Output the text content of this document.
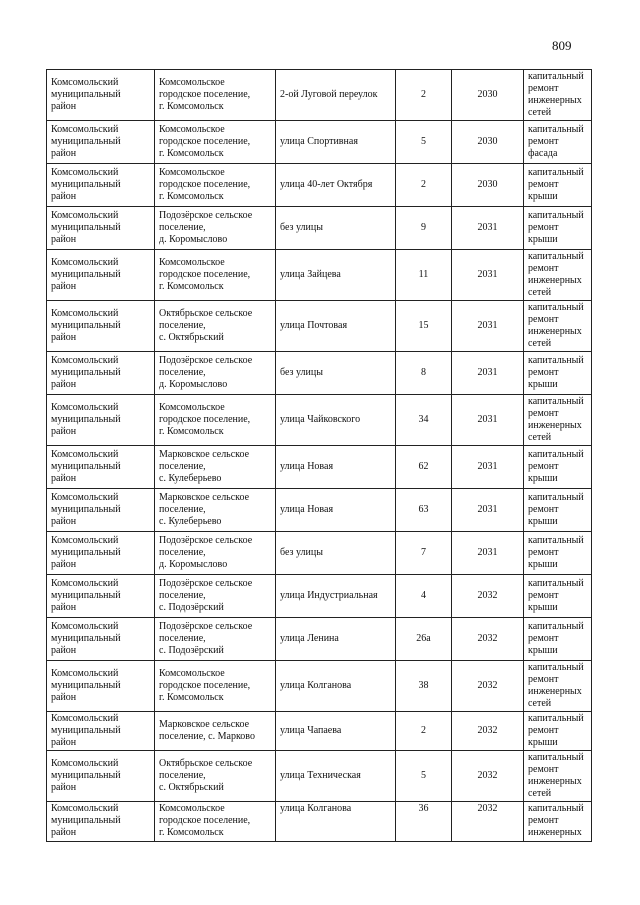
809
Комсомольский
муниципальный
район	Комсомольское
городское поселение,
г. Комсомольск	2-ой Луговой переулок	2	2030	капитальный
ремонт
инженерных
сетей
Комсомольский
муниципальный
район	Комсомольское
городское поселение,
г. Комсомольск	улица Спортивная	5	2030	капитальный
ремонт фасада
Комсомольский
муниципальный
район	Комсомольское
городское поселение,
г. Комсомольск	улица 40-лет Октября	2	2030	капитальный
ремонт крыши
Комсомольский
муниципальный
район	Подозёрское сельское
поселение,
д. Коромыслово	без улицы	9	2031	капитальный
ремонт крыши
Комсомольский
муниципальный
район	Комсомольское
городское поселение,
г. Комсомольск	улица Зайцева	11	2031	капитальный
ремонт
инженерных
сетей
Комсомольский
муниципальный
район	Октябрьское сельское
поселение,
с. Октябрьский	улица Почтовая	15	2031	капитальный
ремонт
инженерных
сетей
Комсомольский
муниципальный
район	Подозёрское сельское
поселение,
д. Коромыслово	без улицы	8	2031	капитальный
ремонт крыши
Комсомольский
муниципальный
район	Комсомольское
городское поселение,
г. Комсомольск	улица Чайковского	34	2031	капитальный
ремонт
инженерных
сетей
Комсомольский
муниципальный
район	Марковское сельское
поселение,
с. Кулеберьево	улица Новая	62	2031	капитальный
ремонт крыши
Комсомольский
муниципальный
район	Марковское сельское
поселение,
с. Кулеберьево	улица Новая	63	2031	капитальный
ремонт крыши
Комсомольский
муниципальный
район	Подозёрское сельское
поселение,
д. Коромыслово	без улицы	7	2031	капитальный
ремонт крыши
Комсомольский
муниципальный
район	Подозёрское сельское
поселение,
с. Подозёрский	улица Индустриальная	4	2032	капитальный
ремонт крыши
Комсомольский
муниципальный
район	Подозёрское сельское
поселение,
с. Подозёрский	улица Ленина	26а	2032	капитальный
ремонт крыши
Комсомольский
муниципальный
район	Комсомольское
городское поселение,
г. Комсомольск	улица Колганова	38	2032	капитальный
ремонт
инженерных
сетей
Комсомольский
муниципальный
район	Марковское сельское
поселение, с. Марково	улица Чапаева	2	2032	капитальный
ремонт крыши
Комсомольский
муниципальный
район	Октябрьское сельское
поселение,
с. Октябрьский	улица Техническая	5	2032	капитальный
ремонт
инженерных
сетей
Комсомольский
муниципальный
район	Комсомольское
городское поселение,
г. Комсомольск	улица Колганова	36	2032	капитальный
ремонт
инженерных
